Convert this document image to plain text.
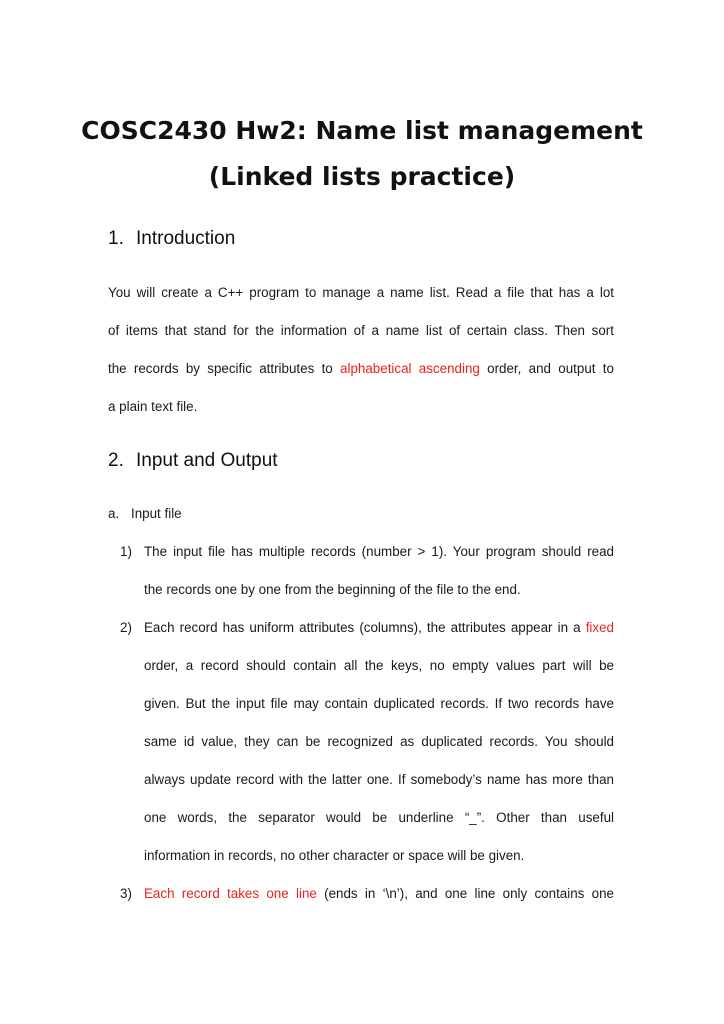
COSC2430 Hw2: Name list management
(Linked lists practice)
1. Introduction
You will create a C++ program to manage a name list. Read a file that has a lot
of items that stand for the information of a name list of certain class. Then sort
the records by specific attributes to alphabetical ascending order, and output to
a plain text file.
2. Input and Output
a. Input file
1) The input file has multiple records (number > 1). Your program should read
the records one by one from the beginning of the file to the end.
2) Each record has uniform attributes (columns), the attributes appear in a fixed
order, a record should contain all the keys, no empty values part will be
given. But the input file may contain duplicated records. If two records have
same id value, they can be recognized as duplicated records. You should
always update record with the latter one. If somebody’s name has more than
one words, the separator would be underline “_”. Other than useful
information in records, no other character or space will be given.
3) Each record takes one line (ends in ‘\n’), and one line only contains one
